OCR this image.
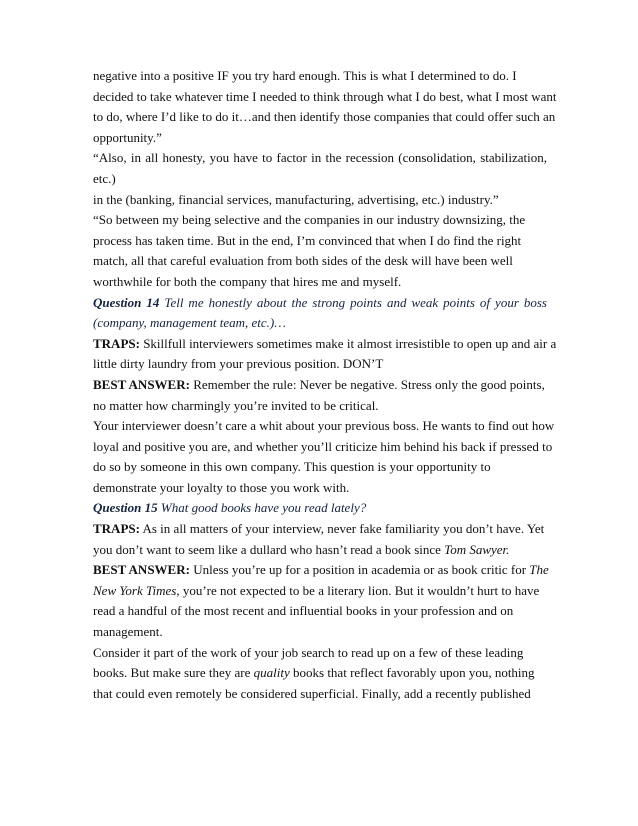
negative into a positive IF you try hard enough. This is what I determined to do. I
decided to take whatever time I needed to think through what I do best, what I most want
to do, where I’d like to do it…and then identify those companies that could offer such an
opportunity.”
“Also, in all honesty, you have to factor in the recession (consolidation, stabilization,
etc.)
in the (banking, financial services, manufacturing, advertising, etc.) industry.”
“So between my being selective and the companies in our industry downsizing, the
process has taken time. But in the end, I’m convinced that when I do find the right
match, all that careful evaluation from both sides of the desk will have been well
worthwhile for both the company that hires me and myself.
Question 14 Tell me honestly about the strong points and weak points of your boss
(company, management team, etc.)…
TRAPS: Skillfull interviewers sometimes make it almost irresistible to open up and air a
little dirty laundry from your previous position. DON’T
BEST ANSWER: Remember the rule: Never be negative. Stress only the good points,
no matter how charmingly you’re invited to be critical.
Your interviewer doesn’t care a whit about your previous boss. He wants to find out how
loyal and positive you are, and whether you’ll criticize him behind his back if pressed to
do so by someone in this own company. This question is your opportunity to
demonstrate your loyalty to those you work with.
Question 15 What good books have you read lately?
TRAPS: As in all matters of your interview, never fake familiarity you don’t have. Yet
you don’t want to seem like a dullard who hasn’t read a book since Tom Sawyer.
BEST ANSWER: Unless you’re up for a position in academia or as book critic for The
New York Times, you’re not expected to be a literary lion. But it wouldn’t hurt to have
read a handful of the most recent and influential books in your profession and on
management.
Consider it part of the work of your job search to read up on a few of these leading
books. But make sure they are quality books that reflect favorably upon you, nothing
that could even remotely be considered superficial. Finally, add a recently published
